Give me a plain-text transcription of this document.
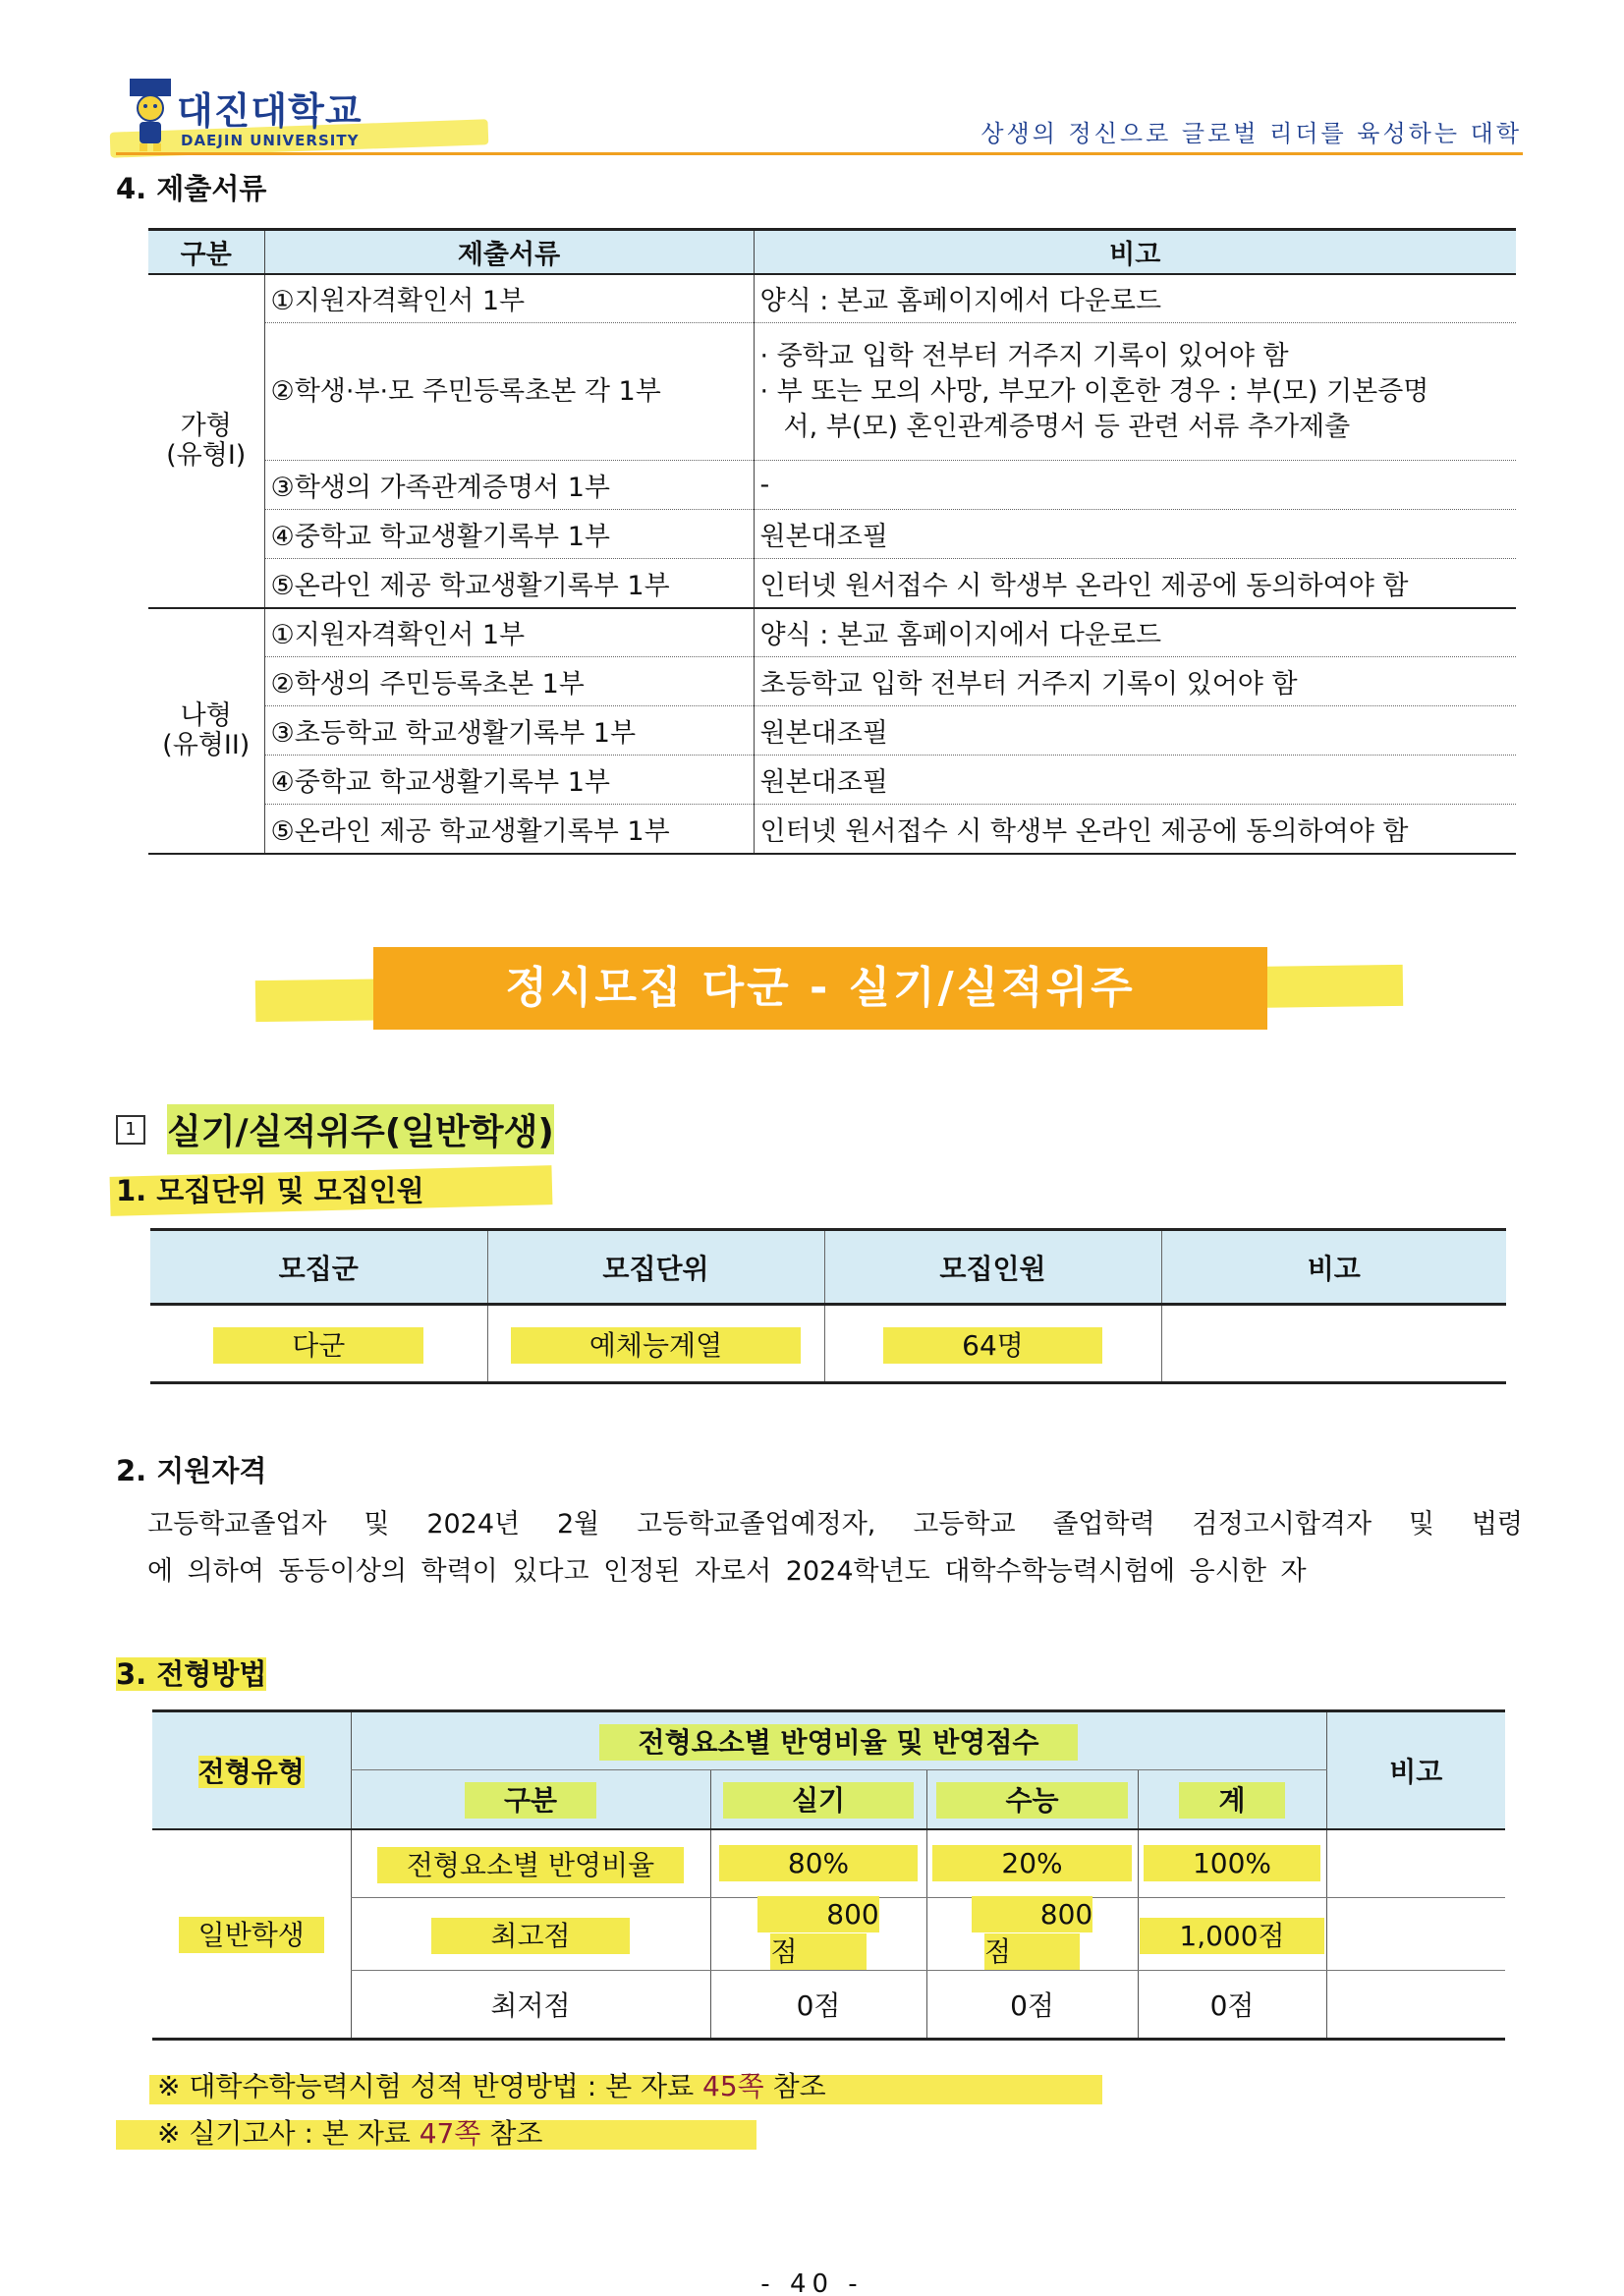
대진대학교
DAEJIN UNIVERSITY	상생의 정신으로 글로벌 리더를 육성하는 대학
4. 제출서류
구분	제출서류	비고

가형
(유형I)	①지원자격확인서 1부	양식 : 본교 홈페이지에서 다운로드
	②학생·부·모 주민등록초본 각 1부	· 중학교 입학 전부터 거주지 기록이 있어야 함
· 부 또는 모의 사망, 부모가 이혼한 경우 : 부(모) 기본증명
서, 부(모) 혼인관계증명서 등 관련 서류 추가제출

	③학생의 가족관계증명서 1부	-
	④중학교 학교생활기록부 1부	원본대조필
	⑤온라인 제공 학교생활기록부 1부	인터넷 원서접수 시 학생부 온라인 제공에 동의하여야 함

나형
(유형II)	①지원자격확인서 1부	양식 : 본교 홈페이지에서 다운로드
	②학생의 주민등록초본 1부	초등학교 입학 전부터 거주지 기록이 있어야 함
	③초등학교 학교생활기록부 1부	원본대조필
	④중학교 학교생활기록부 1부	원본대조필
	⑤온라인 제공 학교생활기록부 1부	인터넷 원서접수 시 학생부 온라인 제공에 동의하여야 함
정시모집 다군 - 실기/실적위주
1 실기/실적위주(일반학생)
1. 모집단위 및 모집인원
모집군	모집단위	모집인원	비고
다군	예체능계열	64명	
2. 지원자격
고등학교졸업자 및 2024년 2월 고등학교졸업예정자, 고등학교 졸업학력 검정고시합격자 및 법령
에 의하여 동등이상의 학력이 있다고 인정된 자로서 2024학년도 대학수학능력시험에 응시한 자
3. 전형방법
전형유형	전형요소별 반영비율 및 반영점수				비고
	구분	실기	수능	계	
일반학생	전형요소별 반영비율	80%	20%	100%	
	최고점	800점	800점	1,000점	
	최저점	0점	0점	0점	
※ 대학수학능력시험 성적 반영방법 : 본 자료 45쪽 참조
※ 실기고사 : 본 자료 47쪽 참조
- 40 -
